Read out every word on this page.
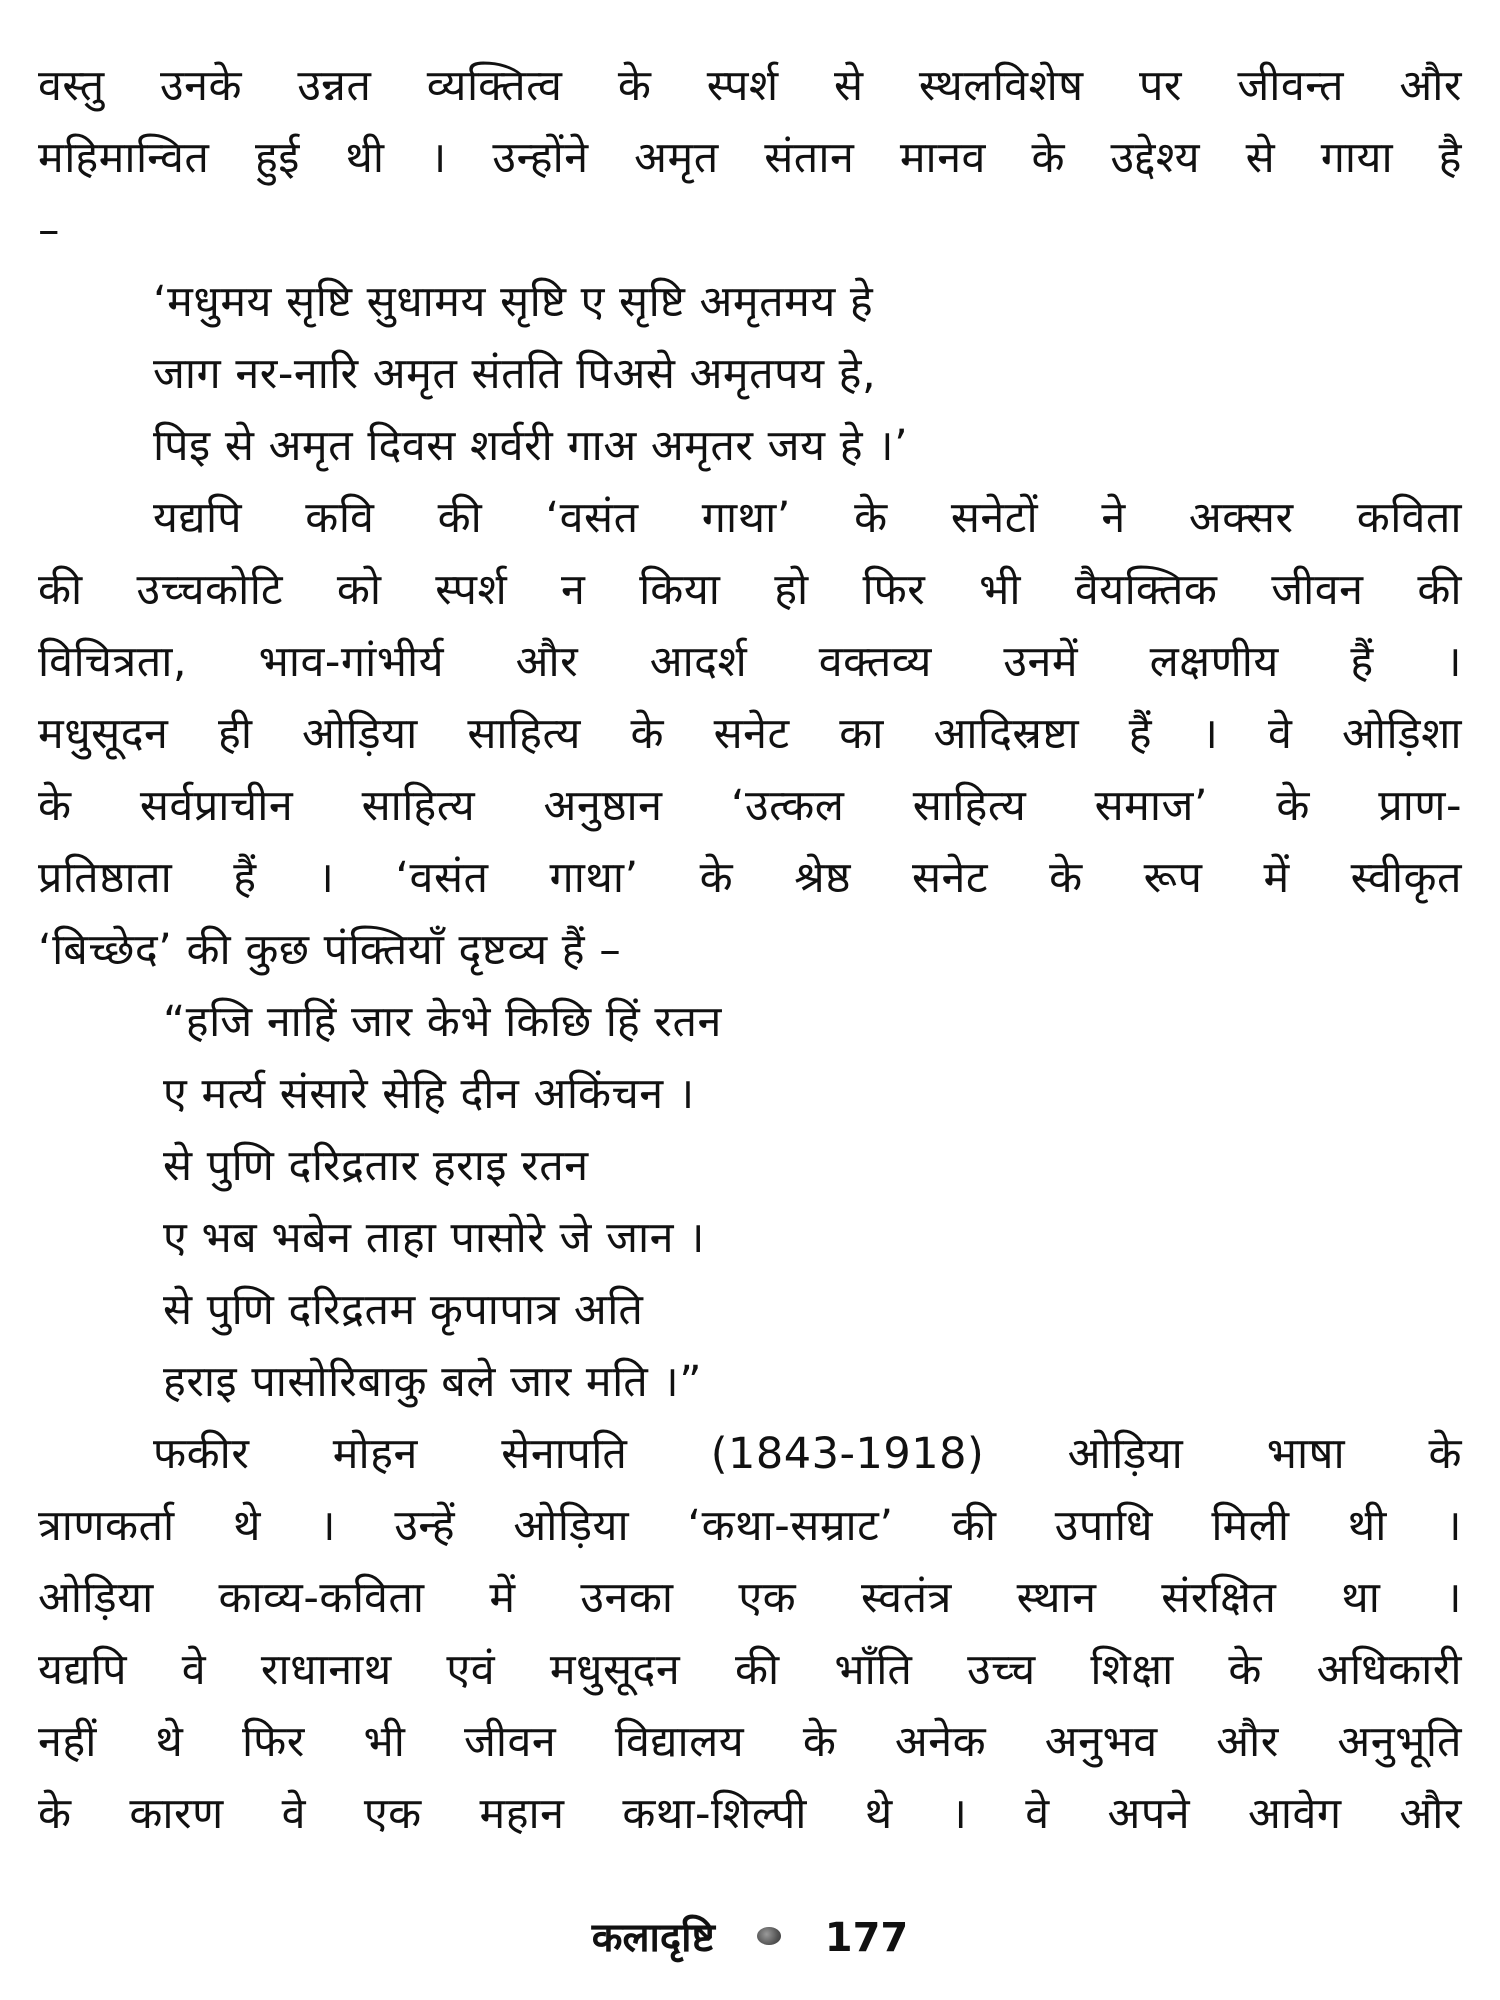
वस्तु उनके उन्नत व्यक्तित्व के स्पर्श से स्थलविशेष पर जीवन्त और
महिमान्वित हुई थी । उन्होंने अमृत संतान मानव के उद्देश्य से गाया है
–
‘मधुमय सृष्टि सुधामय सृष्टि ए सृष्टि अमृतमय हे
जाग नर-नारि अमृत संतति पिअसे अमृतपय हे,
पिइ से अमृत दिवस शर्वरी गाअ अमृतर जय हे ।’
यद्यपि कवि की ‘वसंत गाथा’ के सनेटों ने अक्सर कविता
की उच्चकोटि को स्पर्श न किया हो फिर भी वैयक्तिक जीवन की
विचित्रता, भाव-गांभीर्य और आदर्श वक्तव्य उनमें लक्षणीय हैं ।
मधुसूदन ही ओड़िया साहित्य के सनेट का आदिस्रष्टा हैं । वे ओड़िशा
के सर्वप्राचीन साहित्य अनुष्ठान ‘उत्कल साहित्य समाज’ के प्राण-
प्रतिष्ठाता हैं । ‘वसंत गाथा’ के श्रेष्ठ सनेट के रूप में स्वीकृत
‘बिच्छेद’ की कुछ पंक्तियाँ दृष्टव्य हैं –
“हजि नाहिं जार केभे किछि हिं रतन
ए मर्त्य संसारे सेहि दीन अकिंचन ।
से पुणि दरिद्रतार हराइ रतन
ए भब भबेन ताहा पासोरे जे जान ।
से पुणि दरिद्रतम कृपापात्र अति
हराइ पासोरिबाकु बले जार मति ।”
फकीर मोहन सेनापति (1843-1918) ओड़िया भाषा के
त्राणकर्ता थे । उन्हें ओड़िया ‘कथा-सम्राट’ की उपाधि मिली थी ।
ओड़िया काव्य-कविता में उनका एक स्वतंत्र स्थान संरक्षित था ।
यद्यपि वे राधानाथ एवं मधुसूदन की भाँति उच्च शिक्षा के अधिकारी
नहीं थे फिर भी जीवन विद्यालय के अनेक अनुभव और अनुभूति
के कारण वे एक महान कथा-शिल्पी थे । वे अपने आवेग और
कलादृष्टि	177
